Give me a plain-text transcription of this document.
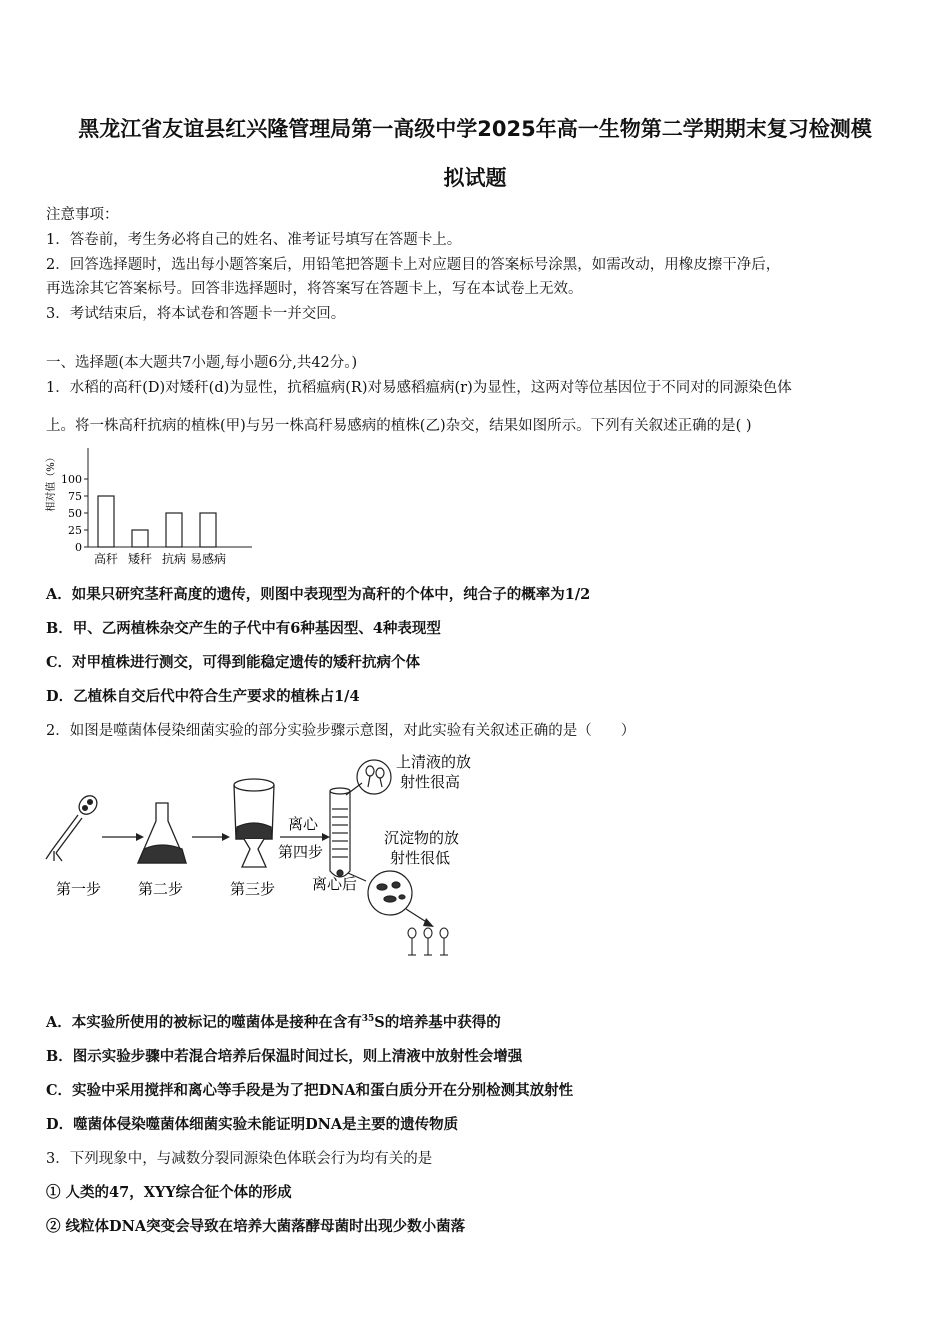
黑龙江省友谊县红兴隆管理局第一高级中学2025年高一生物第二学期期末复习检测模
拟试题
注意事项：
1．答卷前，考生务必将自己的姓名、准考证号填写在答题卡上。
2．回答选择题时，选出每小题答案后，用铅笔把答题卡上对应题目的答案标号涂黑，如需改动，用橡皮擦干净后，
再选涂其它答案标号。回答非选择题时，将答案写在答题卡上，写在本试卷上无效。
3．考试结束后，将本试卷和答题卡一并交回。
一、选择题(本大题共7小题,每小题6分,共42分。)
1．水稻的高秆(D)对矮秆(d)为显性，抗稻瘟病(R)对易感稻瘟病(r)为显性，这两对等位基因位于不同对的同源染色体
上。将一株高秆抗病的植株(甲)与另一株高秆易感病的植株(乙)杂交，结果如图所示。下列有关叙述正确的是( )
相对值（%）
0
25
50
75
100
高秆 矮秆 抗病 易感病
A．如果只研究茎秆高度的遗传，则图中表现型为高秆的个体中，纯合子的概率为1/2
B．甲、乙两植株杂交产生的子代中有6种基因型、4种表现型
C．对甲植株进行测交，可得到能稳定遗传的矮秆抗病个体
D．乙植株自交后代中符合生产要求的植株占1/4
2．如图是噬菌体侵染细菌实验的部分实验步骤示意图，对此实验有关叙述正确的是（　　）
第一步 第二步	第三步
离心
第四步
离心后
上清液的放
射性很高
沉淀物的放
射性很低
A．本实验所使用的被标记的噬菌体是接种在含有$^{35}$S的培养基中获得的
B．图示实验步骤中若混合培养后保温时间过长，则上清液中放射性会增强
C．实验中采用搅拌和离心等手段是为了把DNA和蛋白质分开在分别检测其放射性
D．噬菌体侵染噬菌体细菌实验未能证明DNA是主要的遗传物质
3．下列现象中，与减数分裂同源染色体联会行为均有关的是
① 人类的47，XYY综合征个体的形成
② 线粒体DNA突变会导致在培养大菌落酵母菌时出现少数小菌落
